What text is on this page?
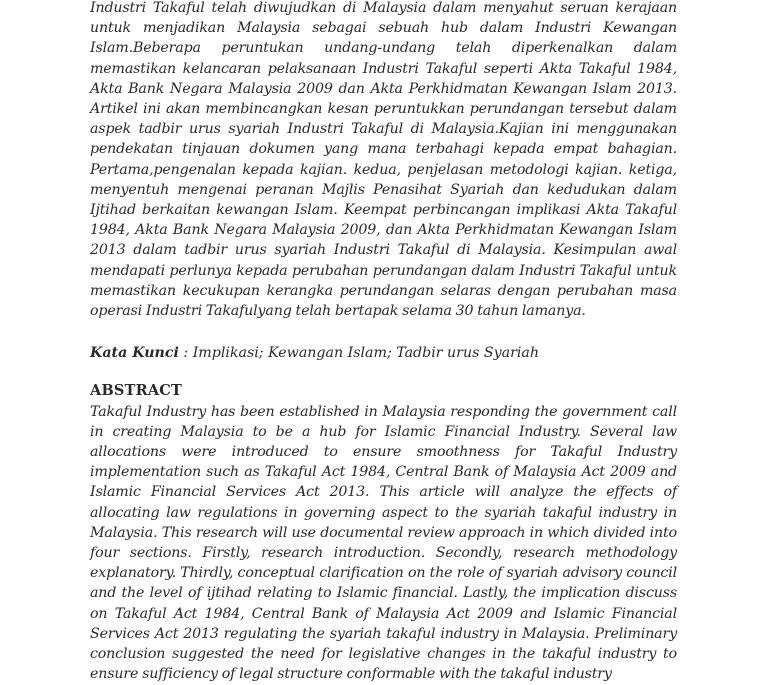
Industri Takaful telah diwujudkan di Malaysia dalam menyahut seruan kerajaan untuk menjadikan Malaysia sebagai sebuah hub dalam Industri Kewangan Islam.Beberapa peruntukan undang-undang telah diperkenalkan dalam memastikan kelancaran pelaksanaan Industri Takaful seperti Akta Takaful 1984, Akta Bank Negara Malaysia 2009 dan Akta Perkhidmatan Kewangan Islam 2013. Artikel ini akan membincangkan kesan peruntukkan perundangan tersebut dalam aspek tadbir urus syariah Industri Takaful di Malaysia.Kajian ini menggunakan pendekatan tinjauan dokumen yang mana terbahagi kepada empat bahagian. Pertama,pengenalan kepada kajian. kedua, penjelasan metodologi kajian. ketiga, menyentuh mengenai peranan Majlis Penasihat Syariah dan kedudukan dalam Ijtihad berkaitan kewangan Islam. Keempat perbincangan implikasi Akta Takaful 1984, Akta Bank Negara Malaysia 2009, dan Akta Perkhidmatan Kewangan Islam 2013 dalam tadbir urus syariah Industri Takaful di Malaysia. Kesimpulan awal mendapati perlunya kepada perubahan perundangan dalam Industri Takaful untuk memastikan kecukupan kerangka perundangan selaras dengan perubahan masa operasi Industri Takafulyang telah bertapak selama 30 tahun lamanya.

Kata Kunci : Implikasi; Kewangan Islam; Tadbir urus Syariah

ABSTRACT

Takaful Industry has been established in Malaysia responding the government call in creating Malaysia to be a hub for Islamic Financial Industry. Several law allocations were introduced to ensure smoothness for Takaful Industry implementation such as Takaful Act 1984, Central Bank of Malaysia Act 2009 and Islamic Financial Services Act 2013. This article will analyze the effects of allocating law regulations in governing aspect to the syariah takaful industry in Malaysia. This research will use documental review approach in which divided into four sections. Firstly, research introduction. Secondly, research methodology explanatory. Thirdly, conceptual clarification on the role of syariah advisory council and the level of ijtihad relating to Islamic financial. Lastly, the implication discuss on Takaful Act 1984, Central Bank of Malaysia Act 2009 and Islamic Financial Services Act 2013 regulating the syariah takaful industry in Malaysia. Preliminary conclusion suggested the need for legislative changes in the takaful industry to ensure sufficiency of legal structure conformable with the takaful industry
